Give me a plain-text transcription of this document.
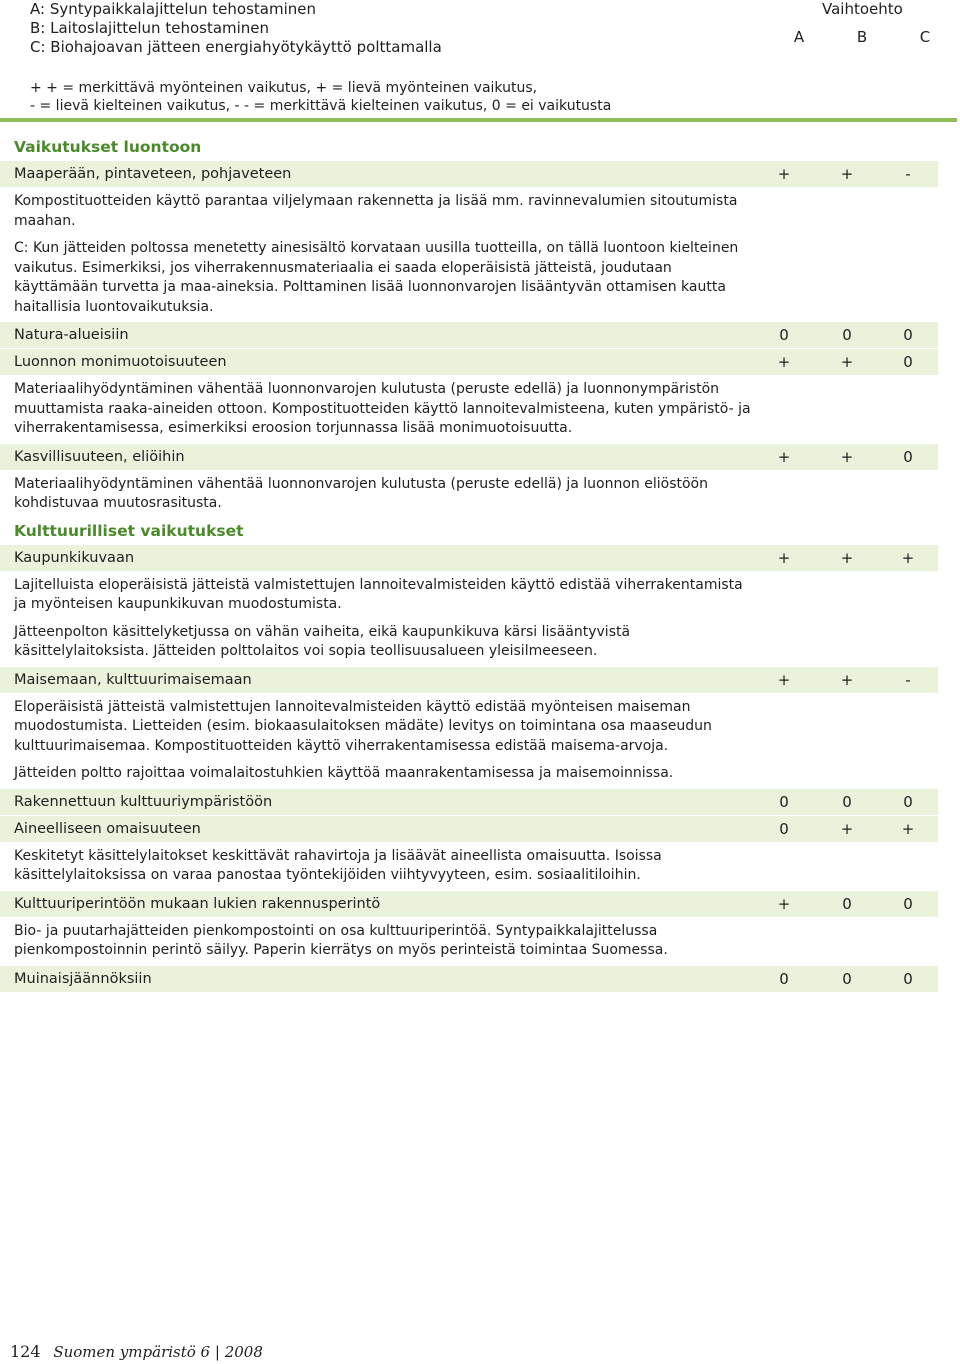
A: Syntypaikkalajittelun tehostaminen
B: Laitoslajittelun tehostaminen
C: Biohajoavan jätteen energiahyötykäyttö polttamalla
Vaihtoehto
A	B	C
+ + = merkittävä myönteinen vaikutus, + = lievä myönteinen vaikutus,
- = lievä kielteinen vaikutus, - - = merkittävä kielteinen vaikutus, 0 = ei vaikutusta
Vaikutukset luontoon
Maaperään, pintaveteen, pohjaveteen	+	+	-
Kompostituotteiden käyttö parantaa viljelymaan rakennetta ja lisää mm. ravinnevalumien sitoutumista maahan.
C: Kun jätteiden poltossa menetetty ainesisältö korvataan uusilla tuotteilla, on tällä luontoon kielteinen vaikutus. Esimerkiksi, jos viherrakennusmateriaalia ei saada eloperäisistä jätteistä, joudutaan käyttämään turvetta ja maa-aineksia. Polttaminen lisää luonnonvarojen lisääntyvän ottamisen kautta haitallisia luontovaikutuksia.
Natura-alueisiin	0	0	0
Luonnon monimuotoisuuteen	+	+	0
Materiaalihyödyntäminen vähentää luonnonvarojen kulutusta (peruste edellä) ja luonnonympäristön muuttamista raaka-aineiden ottoon. Kompostituotteiden käyttö lannoitevalmisteena, kuten ympäristö- ja viherrakentamisessa, esimerkiksi eroosion torjunnassa lisää monimuotoisuutta.
Kasvillisuuteen, eliöihin	+	+	0
Materiaalihyödyntäminen vähentää luonnonvarojen kulutusta (peruste edellä) ja luonnon eliöstöön kohdistuvaa muutosrasitusta.
Kulttuurilliset vaikutukset
Kaupunkikuvaan	+	+	+
Lajitelluista eloperäisistä jätteistä valmistettujen lannoitevalmisteiden käyttö edistää viherrakentamista ja myönteisen kaupunkikuvan muodostumista.
Jätteenpolton käsittelyketjussa on vähän vaiheita, eikä kaupunkikuva kärsi lisääntyvistä käsittelylaitoksista. Jätteiden polttolaitos voi sopia teollisuusalueen yleisilmeeseen.
Maisemaan, kulttuurimaisemaan	+	+	-
Eloperäisistä jätteistä valmistettujen lannoitevalmisteiden käyttö edistää myönteisen maiseman muodostumista. Lietteiden (esim. biokaasulaitoksen mädäte) levitys on toimintana osa maaseudun kulttuurimaisemaa. Kompostituotteiden käyttö viherrakentamisessa edistää maisema-arvoja.
Jätteiden poltto rajoittaa voimalaitostuhkien käyttöä maanrakentamisessa ja maisemoinnissa.
Rakennettuun kulttuuriympäristöön	0	0	0
Aineelliseen omaisuuteen	0	+	+
Keskitetyt käsittelylaitokset keskittävät rahavirtoja ja lisäävät aineellista omaisuutta. Isoissa käsittelylaitoksissa on varaa panostaa työntekijöiden viihtyvyyteen, esim. sosiaalitiloihin.
Kulttuuriperintöön mukaan lukien rakennusperintö	+	0	0
Bio- ja puutarhajätteiden pienkompostointi on osa kulttuuriperintöä. Syntypaikkalajittelussa pienkompostoinnin perintö säilyy. Paperin kierrätys on myös perinteistä toimintaa Suomessa.
Muinaisjäännöksiin	0	0	0
124 Suomen ympäristö 6 | 2008
